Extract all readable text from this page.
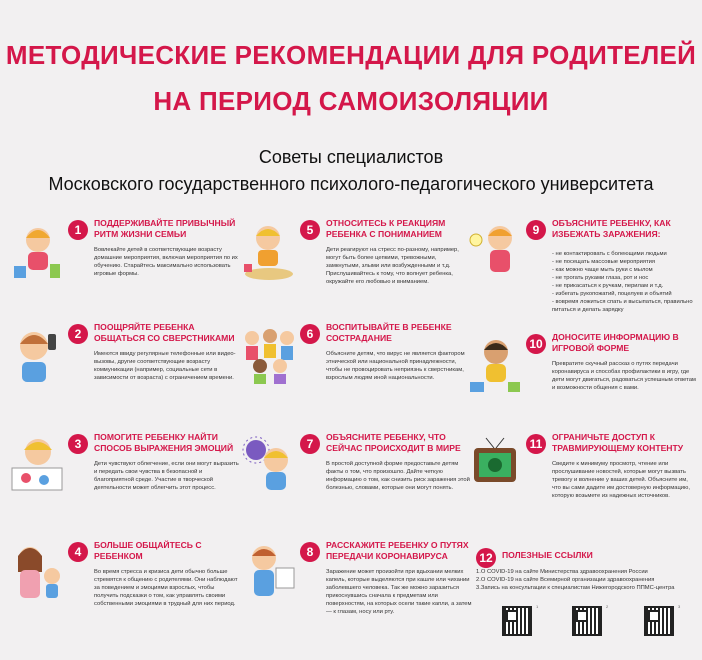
МЕТОДИЧЕСКИЕ РЕКОМЕНДАЦИИ ДЛЯ РОДИТЕЛЕЙ
НА ПЕРИОД САМОИЗОЛЯЦИИ
Советы специалистов
Московского государственного психолого-педагогического университета
1	ПОДДЕРЖИВАЙТЕ ПРИВЫЧНЫЙ РИТМ ЖИЗНИ СЕМЬИ
Вовлекайте детей в соответствующие возрасту домашние мероприятия, включая мероприятия по их обучению. Старайтесь максимально использовать игровые формы.
2	ПООЩРЯЙТЕ РЕБЕНКА ОБЩАТЬСЯ СО СВЕРСТНИКАМИ
Имеются ввиду регулярные телефонные или видео-вызовы, другие соответствующие возрасту коммуникации (например, социальные сети в зависимости от возраста) с ограничением времени.
3	ПОМОГИТЕ РЕБЕНКУ НАЙТИ СПОСОБ ВЫРАЖЕНИЯ ЭМОЦИЙ
Дети чувствуют облегчение, если они могут выразить и передать свои чувства в безопасной и благоприятной среде. Участие в творческой деятельности может облегчить этот процесс.
4	БОЛЬШЕ ОБЩАЙТЕСЬ С РЕБЕНКОМ
Во время стресса и кризиса дети обычно больше стремятся к общению с родителями. Они наблюдают за поведением и эмоциями взрослых, чтобы получить подсказки о том, как управлять своими собственными эмоциями в трудный для них период.
5	ОТНОСИТЕСЬ К РЕАКЦИЯМ РЕБЕНКА С ПОНИМАНИЕМ
Дети реагируют на стресс по-разному, например, могут быть более цепкими, тревожными, замкнутыми, злыми или возбужденными и т.д. Прислушивайтесь к тому, что волнует ребенка, окружайте его любовью и вниманием.
6	ВОСПИТЫВАЙТЕ В РЕБЕНКЕ СОСТРАДАНИЕ
Объясните детям, что вирус не является фактором этнической или национальной принадлежности, чтобы не провоцировать неприязнь к сверстникам, взрослым людям иной национальности.
7	ОБЪЯСНИТЕ РЕБЕНКУ, ЧТО СЕЙЧАС ПРОИСХОДИТ В МИРЕ
В простой доступной форме предоставьте детям факты о том, что произошло. Дайте четкую информацию о том, как снизить риск заражения этой болезнью, словами, которые они могут понять.
8	РАССКАЖИТЕ РЕБЕНКУ О ПУТЯХ ПЕРЕДАЧИ КОРОНАВИРУСА
Заражение может произойти при вдыхании мелких капель, которые выделяются при кашле или чихании заболевшего человека. Так же можно заразиться прикоснувшись сначала к предметам или поверхностям, на которых осели такие капли, а затем — к глазам, носу или рту.
9	ОБЪЯСНИТЕ РЕБЕНКУ, КАК ИЗБЕЖАТЬ ЗАРАЖЕНИЯ:
- не контактировать с болеющими людьми
- не посещать массовые мероприятия
- как можно чаще мыть руки с мылом
- не трогать руками глаза, рот и нос
- не прикасаться к ручкам, перилам и т.д.
- избегать рукопожатий, поцелуев и объятий
- вовремя ложиться спать и высыпаться, правильно питаться и делать зарядку
10	ДОНОСИТЕ ИНФОРМАЦИЮ В ИГРОВОЙ ФОРМЕ
Превратите скучный рассказ о путях передачи коронавируса и способах профилактики в игру, где дети могут двигаться, радоваться успешным ответам и возможности общения с вами.
11	ОГРАНИЧЬТЕ ДОСТУП К ТРАВМИРУЮЩЕМУ КОНТЕНТУ
Сведите к минимуму просмотр, чтение или прослушивание новостей, которые могут вызвать тревогу и волнение у ваших детей. Объясните им, что вы сами дадите им достоверную информацию, которую возьмете из надежных источников.
12	ПОЛЕЗНЫЕ ССЫЛКИ
1.О COVID-19 на сайте Министерства здравоохранения России
2.О COVID-19 на сайте Всемирной организации здравоохранения
3.Запись на консультации к специалистам Нижегородского ППМС-центра
1	2	3
